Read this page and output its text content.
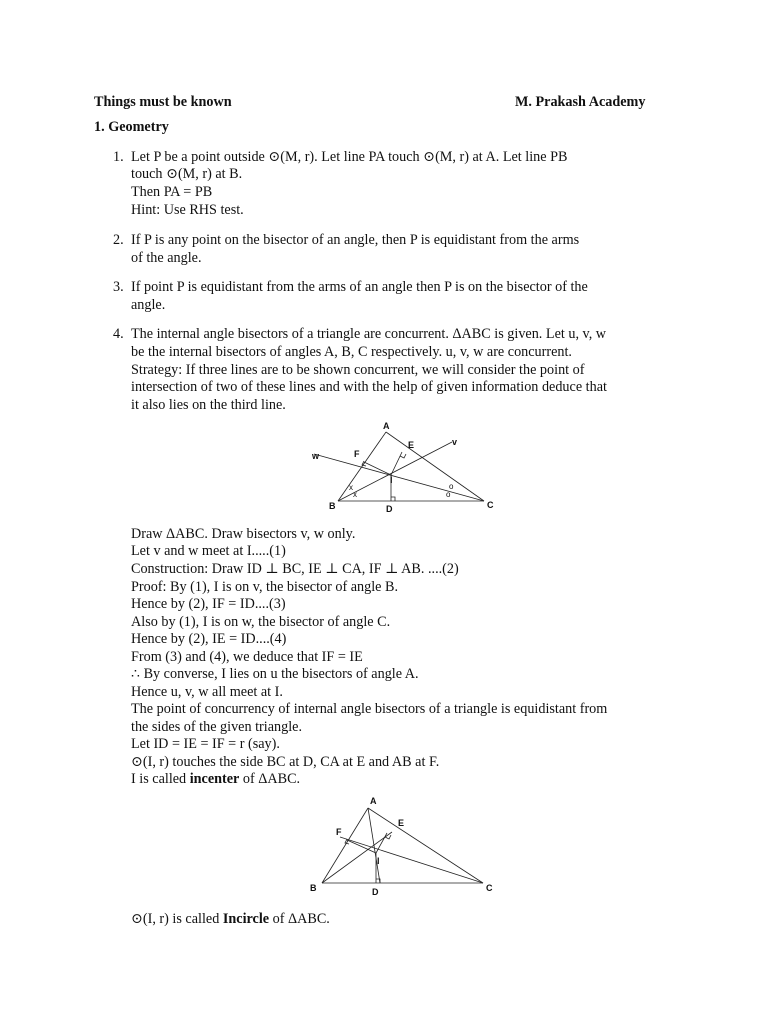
Things must be known	M. Prakash Academy
1. Geometry
1. Let P be a point outside ⊙(M, r). Let line PA touch ⊙(M, r) at A. Let line PB
touch ⊙(M, r) at B.
Then PA = PB
Hint: Use RHS test.
2. If P is any point on the bisector of an angle, then P is equidistant from the arms
of the angle.
3. If point P is equidistant from the arms of an angle then P is on the bisector of the
angle.
4. The internal angle bisectors of a triangle are concurrent. ΔABC is given. Let u, v, w
be the internal bisectors of angles A, B, C respectively. u, v, w are concurrent.
Strategy: If three lines are to be shown concurrent, we will consider the point of
intersection of two of these lines and with the help of given information deduce that
it also lies on the third line.
A
B	C
D
E
F
I
v
w
x
x
o
o
Draw ΔABC. Draw bisectors v, w only.
Let v and w meet at I.....(1)
Construction: Draw ID ⊥ BC, IE ⊥ CA, IF ⊥ AB. ....(2)
Proof: By (1), I is on v, the bisector of angle B.
Hence by (2), IF = ID....(3)
Also by (1), I is on w, the bisector of angle C.
Hence by (2), IE = ID....(4)
From (3) and (4), we deduce that IF = IE
∴ By converse, I lies on u the bisectors of angle A.
Hence u, v, w all meet at I.
The point of concurrency of internal angle bisectors of a triangle is equidistant from
the sides of the given triangle.
Let ID = IE = IF = r (say).
⊙(I, r) touches the side BC at D, CA at E and AB at F.
I is called incenter of ΔABC.
A
B	C
D
E
F
I
⊙(I, r) is called Incircle of ΔABC.
